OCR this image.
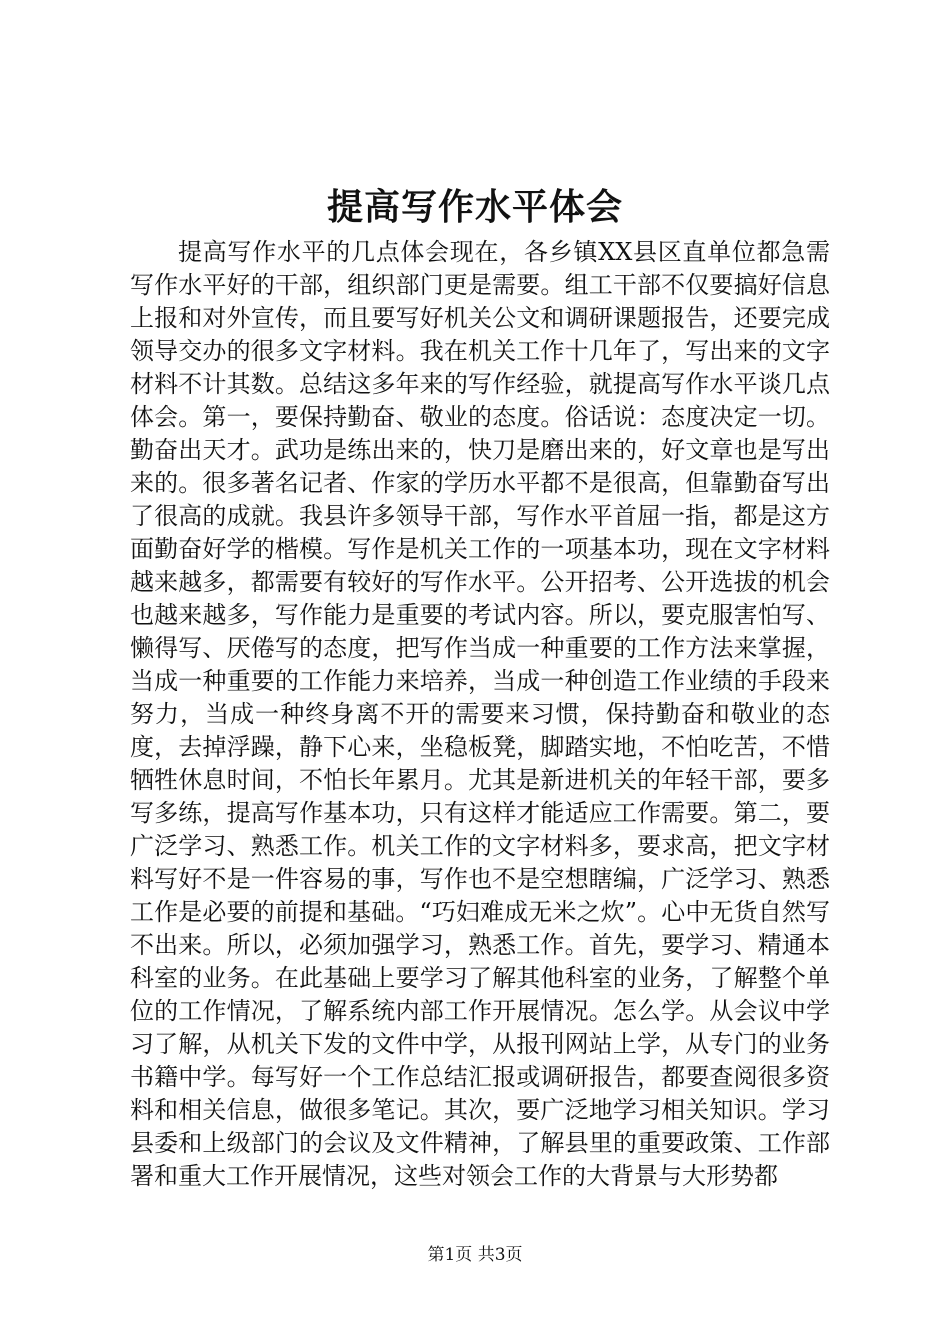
提高写作水平体会

提高写作水平的几点体会现在，各乡镇XX县区直单位都急需写作水平好的干部，组织部门更是需要。组工干部不仅要搞好信息上报和对外宣传，而且要写好机关公文和调研课题报告，还要完成领导交办的很多文字材料。我在机关工作十几年了，写出来的文字材料不计其数。总结这多年来的写作经验，就提高写作水平谈几点体会。第一，要保持勤奋、敬业的态度。俗话说：态度决定一切。勤奋出天才。武功是练出来的，快刀是磨出来的，好文章也是写出来的。很多著名记者、作家的学历水平都不是很高，但靠勤奋写出了很高的成就。我县许多领导干部，写作水平首屈一指，都是这方面勤奋好学的楷模。写作是机关工作的一项基本功，现在文字材料越来越多，都需要有较好的写作水平。公开招考、公开选拔的机会也越来越多，写作能力是重要的考试内容。所以，要克服害怕写、懒得写、厌倦写的态度，把写作当成一种重要的工作方法来掌握，当成一种重要的工作能力来培养，当成一种创造工作业绩的手段来努力，当成一种终身离不开的需要来习惯，保持勤奋和敬业的态度，去掉浮躁，静下心来，坐稳板凳，脚踏实地，不怕吃苦，不惜牺牲休息时间，不怕长年累月。尤其是新进机关的年轻干部，要多写多练，提高写作基本功，只有这样才能适应工作需要。第二，要广泛学习、熟悉工作。机关工作的文字材料多，要求高，把文字材料写好不是一件容易的事，写作也不是空想瞎编，广泛学习、熟悉工作是必要的前提和基础。“巧妇难成无米之炊”。心中无货自然写不出来。所以，必须加强学习，熟悉工作。首先，要学习、精通本科室的业务。在此基础上要学习了解其他科室的业务，了解整个单位的工作情况，了解系统内部工作开展情况。怎么学。从会议中学习了解，从机关下发的文件中学，从报刊网站上学，从专门的业务书籍中学。每写好一个工作总结汇报或调研报告，都要查阅很多资料和相关信息，做很多笔记。其次，要广泛地学习相关知识。学习县委和上级部门的会议及文件精神，了解县里的重要政策、工作部署和重大工作开展情况，这些对领会工作的大背景与大形势都

第1页 共3页
